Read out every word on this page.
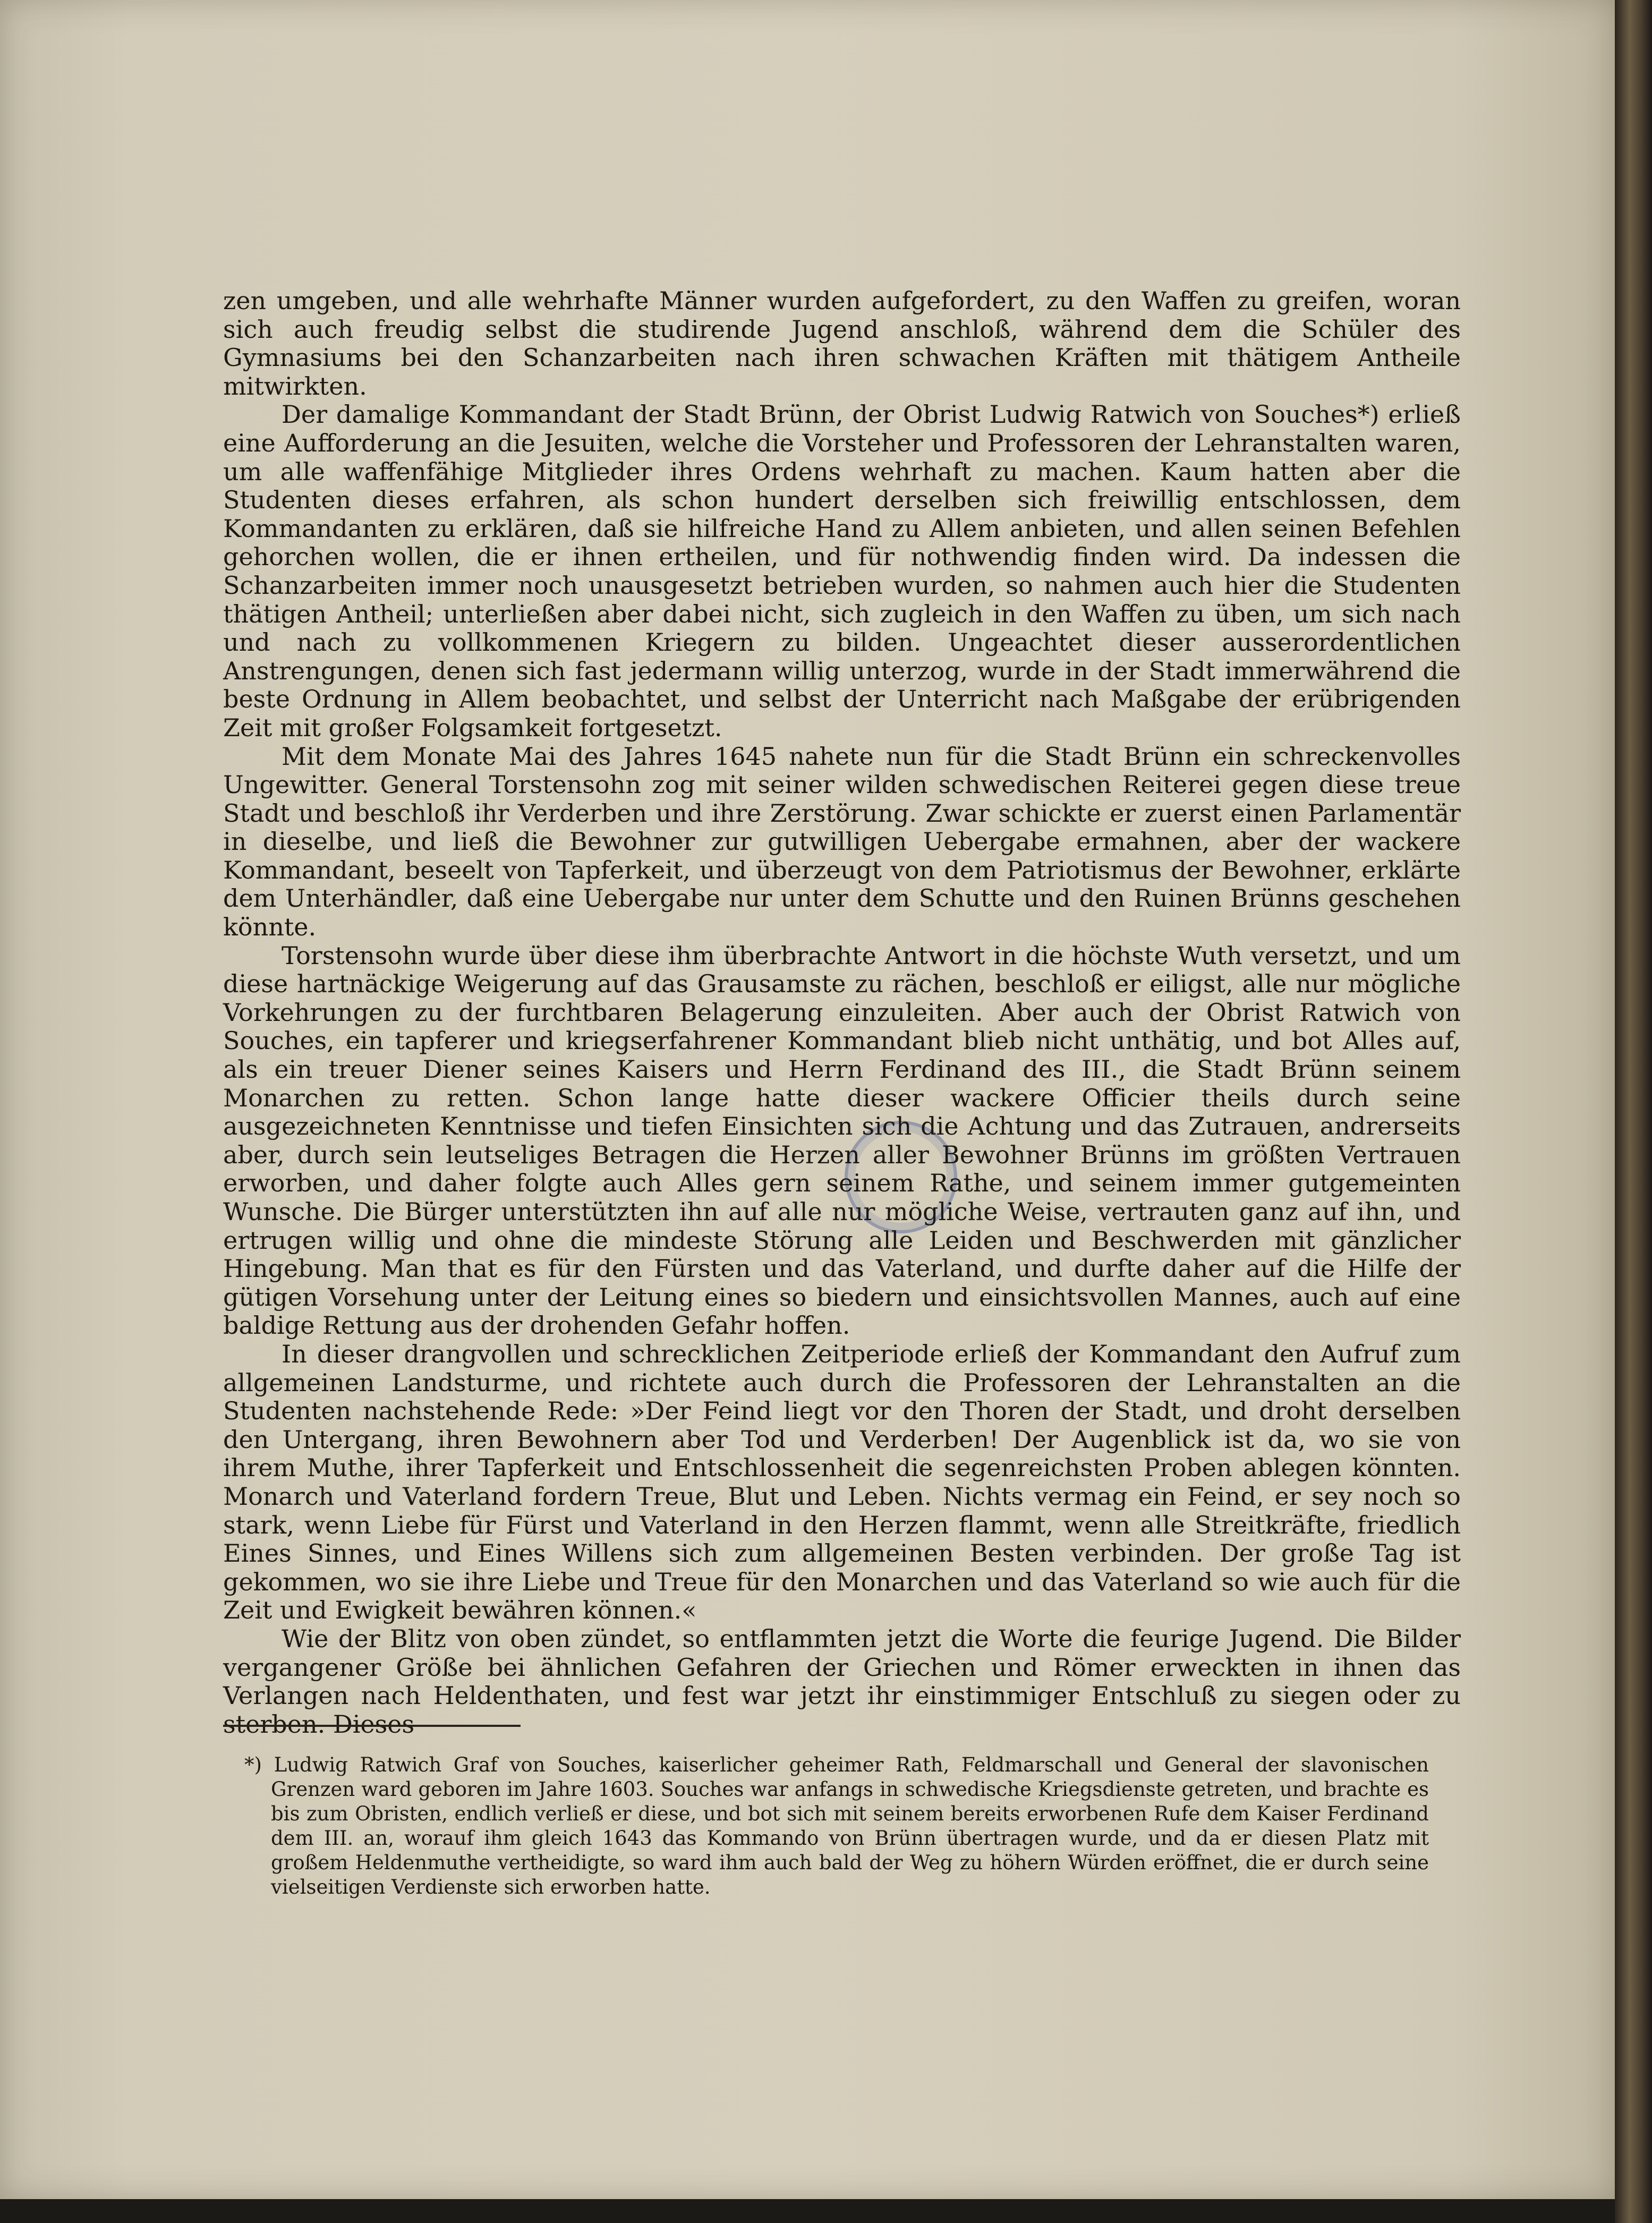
zen umgeben, und alle wehrhafte Männer wurden aufgefordert, zu den Waffen zu greifen, woran sich auch freudig selbst die studirende Jugend anschloß, während dem die Schüler des Gymnasiums bei den Schanzarbeiten nach ihren schwachen Kräften mit thätigem Antheile mitwirkten.

Der damalige Kommandant der Stadt Brünn, der Obrist Ludwig Ratwich von Souches*) erließ eine Aufforderung an die Jesuiten, welche die Vorsteher und Professoren der Lehranstalten waren, um alle waffenfähige Mitglieder ihres Ordens wehrhaft zu machen. Kaum hatten aber die Studenten dieses erfahren, als schon hundert derselben sich freiwillig entschlossen, dem Kommandanten zu erklären, daß sie hilfreiche Hand zu Allem anbieten, und allen seinen Befehlen gehorchen wollen, die er ihnen ertheilen, und für nothwendig finden wird. Da indessen die Schanzarbeiten immer noch unausgesetzt betrieben wurden, so nahmen auch hier die Studenten thätigen Antheil; unterließen aber dabei nicht, sich zugleich in den Waffen zu üben, um sich nach und nach zu vollkommenen Kriegern zu bilden. Ungeachtet dieser ausserordentlichen Anstrengungen, denen sich fast jedermann willig unterzog, wurde in der Stadt immerwährend die beste Ordnung in Allem beobachtet, und selbst der Unterricht nach Maßgabe der erübrigenden Zeit mit großer Folgsamkeit fortgesetzt.

Mit dem Monate Mai des Jahres 1645 nahete nun für die Stadt Brünn ein schreckenvolles Ungewitter. General Torstensohn zog mit seiner wilden schwedischen Reiterei gegen diese treue Stadt und beschloß ihr Verderben und ihre Zerstörung. Zwar schickte er zuerst einen Parlamentär in dieselbe, und ließ die Bewohner zur gutwilligen Uebergabe ermahnen, aber der wackere Kommandant, beseelt von Tapferkeit, und überzeugt von dem Patriotismus der Bewohner, erklärte dem Unterhändler, daß eine Uebergabe nur unter dem Schutte und den Ruinen Brünns geschehen könnte.

Torstensohn wurde über diese ihm überbrachte Antwort in die höchste Wuth versetzt, und um diese hartnäckige Weigerung auf das Grausamste zu rächen, beschloß er eiligst, alle nur mögliche Vorkehrungen zu der furchtbaren Belagerung einzuleiten. Aber auch der Obrist Ratwich von Souches, ein tapferer und kriegserfahrener Kommandant blieb nicht unthätig, und bot Alles auf, als ein treuer Diener seines Kaisers und Herrn Ferdinand des III., die Stadt Brünn seinem Monarchen zu retten. Schon lange hatte dieser wackere Officier theils durch seine ausgezeichneten Kenntnisse und tiefen Einsichten sich die Achtung und das Zutrauen, andrerseits aber, durch sein leutseliges Betragen die Herzen aller Bewohner Brünns im größten Vertrauen erworben, und daher folgte auch Alles gern seinem Rathe, und seinem immer gutgemeinten Wunsche. Die Bürger unterstützten ihn auf alle nur mögliche Weise, vertrauten ganz auf ihn, und ertrugen willig und ohne die mindeste Störung alle Leiden und Beschwerden mit gänzlicher Hingebung. Man that es für den Fürsten und das Vaterland, und durfte daher auf die Hilfe der gütigen Vorsehung unter der Leitung eines so biedern und einsichtsvollen Mannes, auch auf eine baldige Rettung aus der drohenden Gefahr hoffen.

In dieser drangvollen und schrecklichen Zeitperiode erließ der Kommandant den Aufruf zum allgemeinen Landsturme, und richtete auch durch die Professoren der Lehranstalten an die Studenten nachstehende Rede: »Der Feind liegt vor den Thoren der Stadt, und droht derselben den Untergang, ihren Bewohnern aber Tod und Verderben! Der Augenblick ist da, wo sie von ihrem Muthe, ihrer Tapferkeit und Entschlossenheit die segenreichsten Proben ablegen könnten. Monarch und Vaterland fordern Treue, Blut und Leben. Nichts vermag ein Feind, er sey noch so stark, wenn Liebe für Fürst und Vaterland in den Herzen flammt, wenn alle Streitkräfte, friedlich Eines Sinnes, und Eines Willens sich zum allgemeinen Besten verbinden. Der große Tag ist gekommen, wo sie ihre Liebe und Treue für den Monarchen und das Vaterland so wie auch für die Zeit und Ewigkeit bewähren können.«

Wie der Blitz von oben zündet, so entflammten jetzt die Worte die feurige Jugend. Die Bilder vergangener Größe bei ähnlichen Gefahren der Griechen und Römer erweckten in ihnen das Verlangen nach Heldenthaten, und fest war jetzt ihr einstimmiger Entschluß zu siegen oder zu sterben. Dieses

*) Ludwig Ratwich Graf von Souches, kaiserlicher geheimer Rath, Feldmarschall und General der slavonischen Grenzen ward geboren im Jahre 1603. Souches war anfangs in schwedische Kriegsdienste getreten, und brachte es bis zum Obristen, endlich verließ er diese, und bot sich mit seinem bereits erworbenen Rufe dem Kaiser Ferdinand dem III. an, worauf ihm gleich 1643 das Kommando von Brünn übertragen wurde, und da er diesen Platz mit großem Heldenmuthe vertheidigte, so ward ihm auch bald der Weg zu höhern Würden eröffnet, die er durch seine vielseitigen Verdienste sich erworben hatte.
